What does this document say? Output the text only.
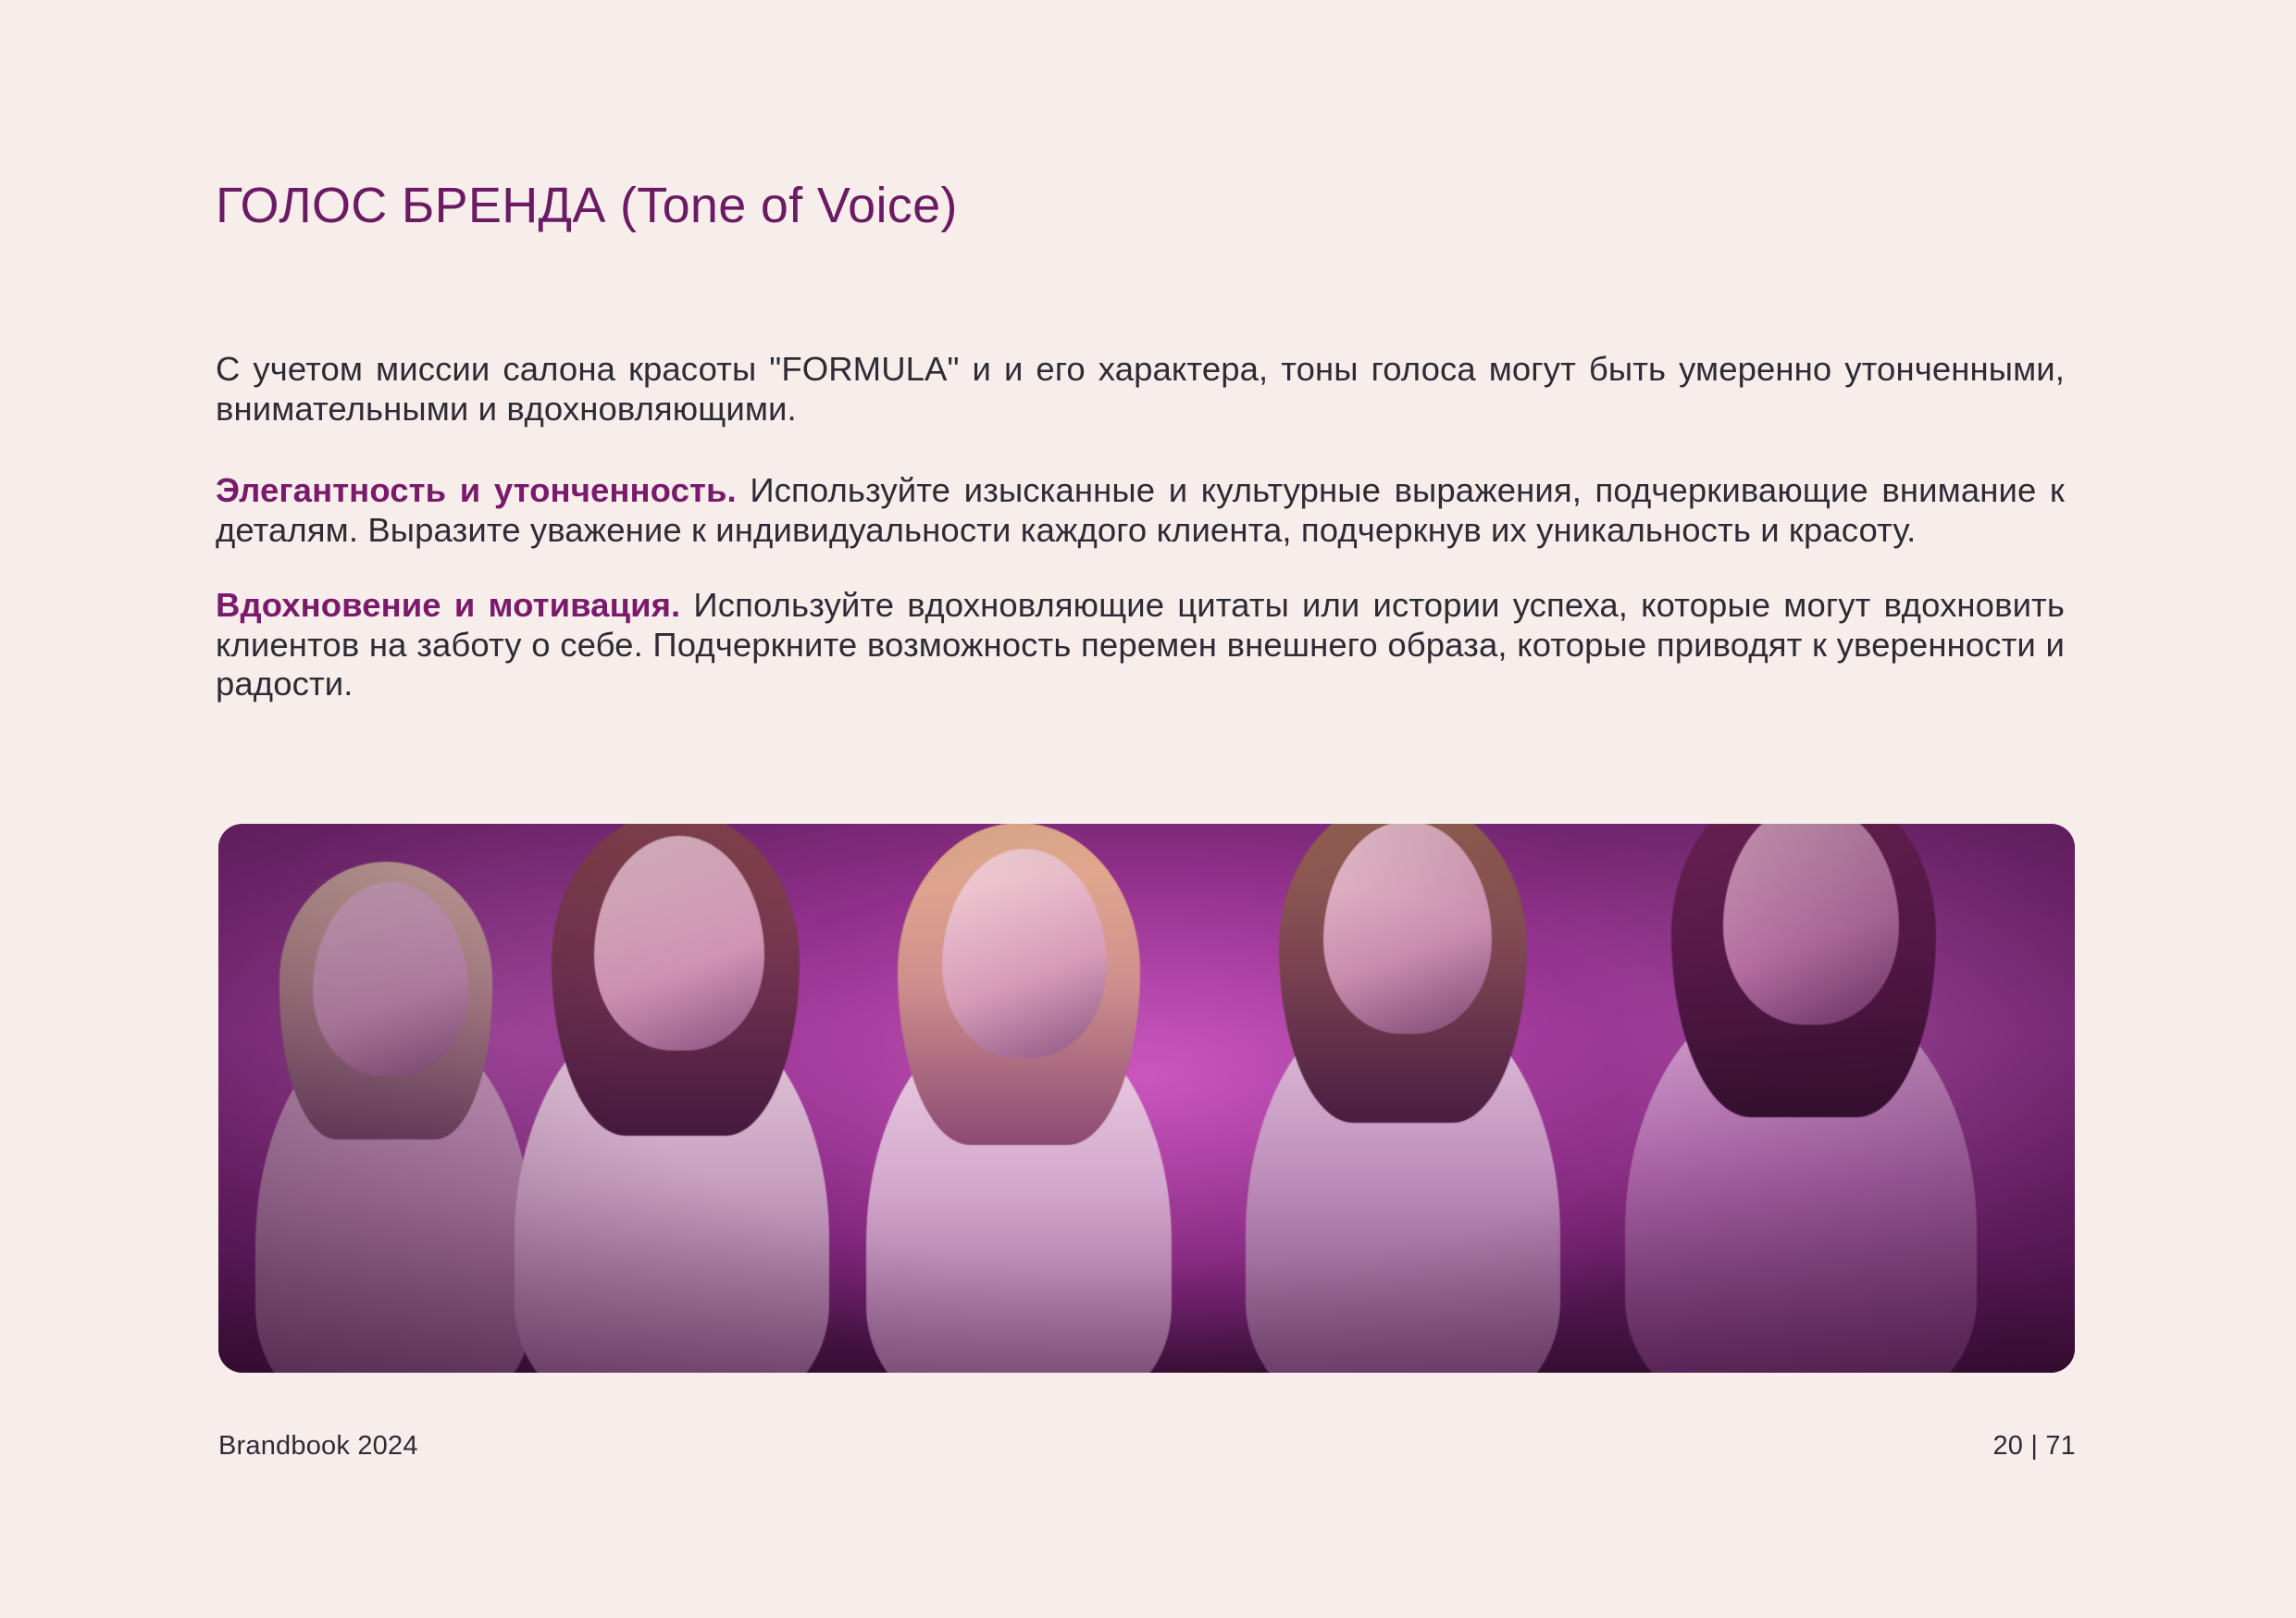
ГОЛОС БРЕНДА (Tone of Voice)

С учетом миссии салона красоты "FORMULA" и и его характера, тоны голоса могут быть умеренно утонченными, внимательными и вдохновляющими.

Элегантность и утонченность. Используйте изысканные и культурные выражения, подчеркивающие внимание к деталям. Выразите уважение к индивидуальности каждого клиента, подчеркнув их уникальность и красоту.

Вдохновение и мотивация. Используйте вдохновляющие цитаты или истории успеха, которые могут вдохновить клиентов на заботу о себе. Подчеркните возможность перемен внешнего образа, которые приводят к уверенности и радости.

Brandbook 2024	20 | 71
